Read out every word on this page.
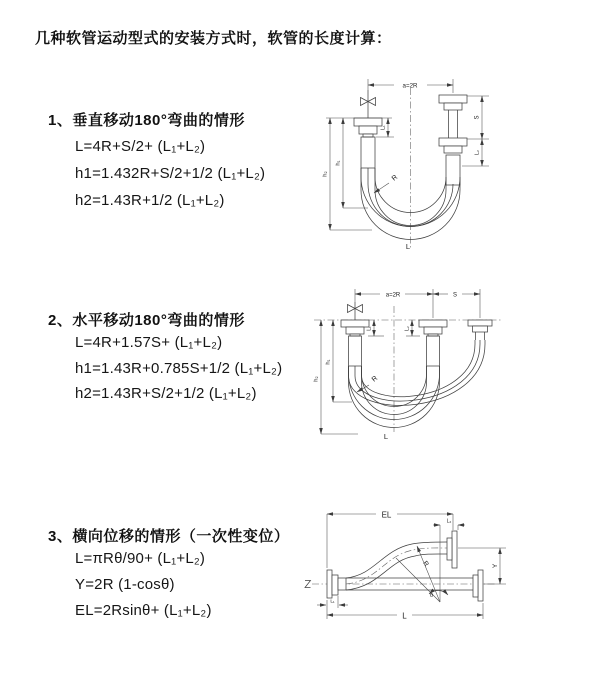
几种软管运动型式的安装方式时，软管的长度计算：
1、垂直移动180°弯曲的情形
L=4R+S/2+ (L₁+L₂)
h1=1.432R+S/2+1/2 (L₁+L₂)
h2=1.43R+1/2 (L₁+L₂)
2、水平移动180°弯曲的情形
L=4R+1.57S+ (L₁+L₂)
h1=1.43R+0.785S+1/2 (L₁+L₂)
h2=1.43R+S/2+1/2 (L₁+L₂)
3、横向位移的情形（一次性变位）
L=πRθ/90+ (L₁+L₂)
Y=2R (1-cosθ)
EL=2Rsinθ+ (L₁+L₂)
a=2R
h₁
h₂
L₁
S
L₂
R
L
a=2R	S
h₁
h₂
L₁	L₂
R
L
EL
L₂
θ
R	Y
L
L₁
